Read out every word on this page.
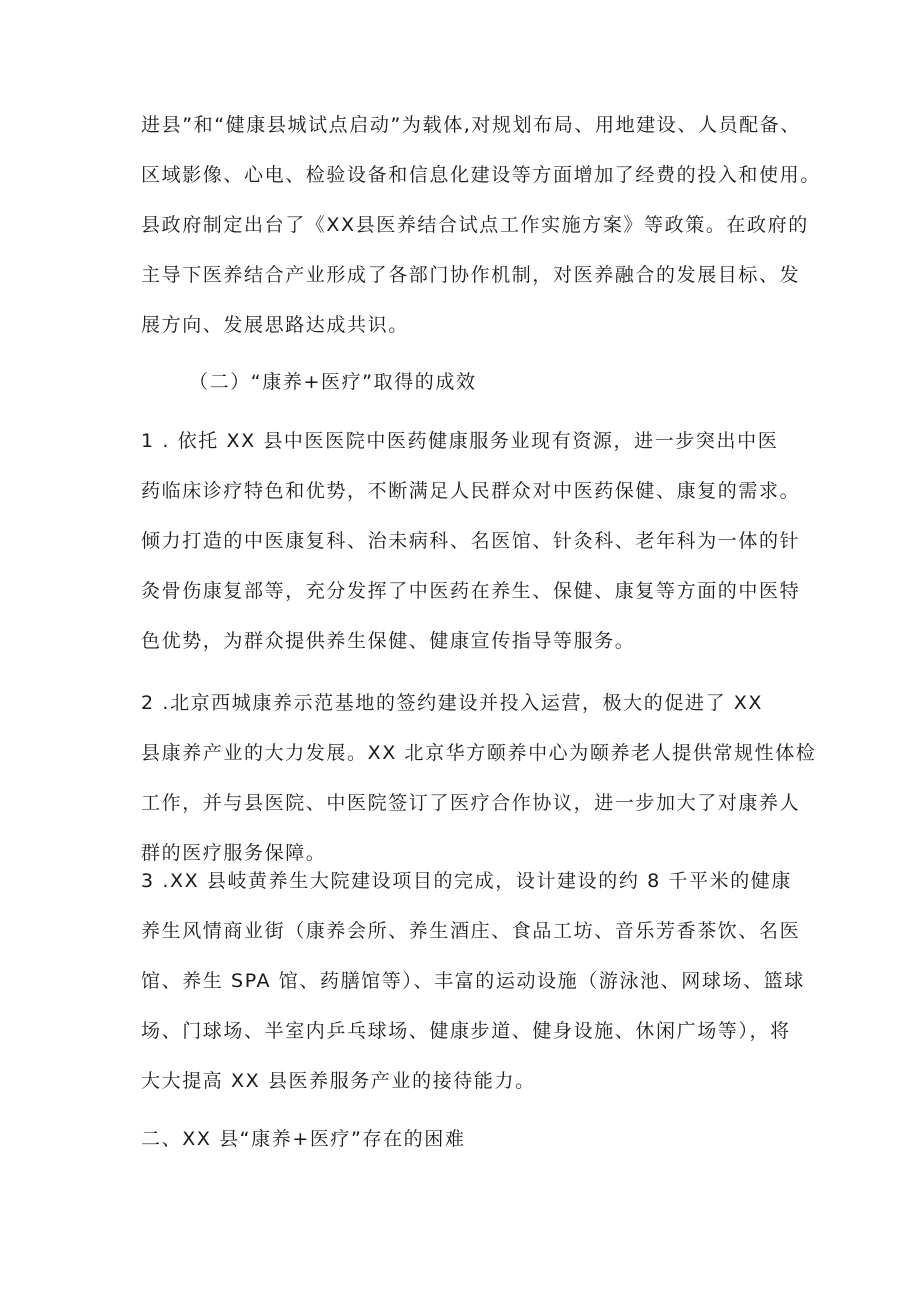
进县”和“健康县城试点启动”为载体,对规划布局、用地建设、人员配备、
区域影像、心电、检验设备和信息化建设等方面增加了经费的投入和使用。
县政府制定出台了《XX县医养结合试点工作实施方案》等政策。在政府的
主导下医养结合产业形成了各部门协作机制，对医养融合的发展目标、发
展方向、发展思路达成共识。
（二）“康养+医疗”取得的成效
1 . 依托 XX 县中医医院中医药健康服务业现有资源，进一步突出中医
药临床诊疗特色和优势，不断满足人民群众对中医药保健、康复的需求。
倾力打造的中医康复科、治未病科、名医馆、针灸科、老年科为一体的针
灸骨伤康复部等，充分发挥了中医药在养生、保健、康复等方面的中医特
色优势，为群众提供养生保健、健康宣传指导等服务。
2 .北京西城康养示范基地的签约建设并投入运营，极大的促进了 XX
县康养产业的大力发展。XX 北京华方颐养中心为颐养老人提供常规性体检
工作，并与县医院、中医院签订了医疗合作协议，进一步加大了对康养人
群的医疗服务保障。
3 .XX 县岐黄养生大院建设项目的完成，设计建设的约 8 千平米的健康
养生风情商业街（康养会所、养生酒庄、食品工坊、音乐芳香茶饮、名医
馆、养生 SPA 馆、药膳馆等）、丰富的运动设施（游泳池、网球场、篮球
场、门球场、半室内乒乓球场、健康步道、健身设施、休闲广场等），将
大大提高 XX 县医养服务产业的接待能力。
二、XX 县“康养+医疗”存在的困难
